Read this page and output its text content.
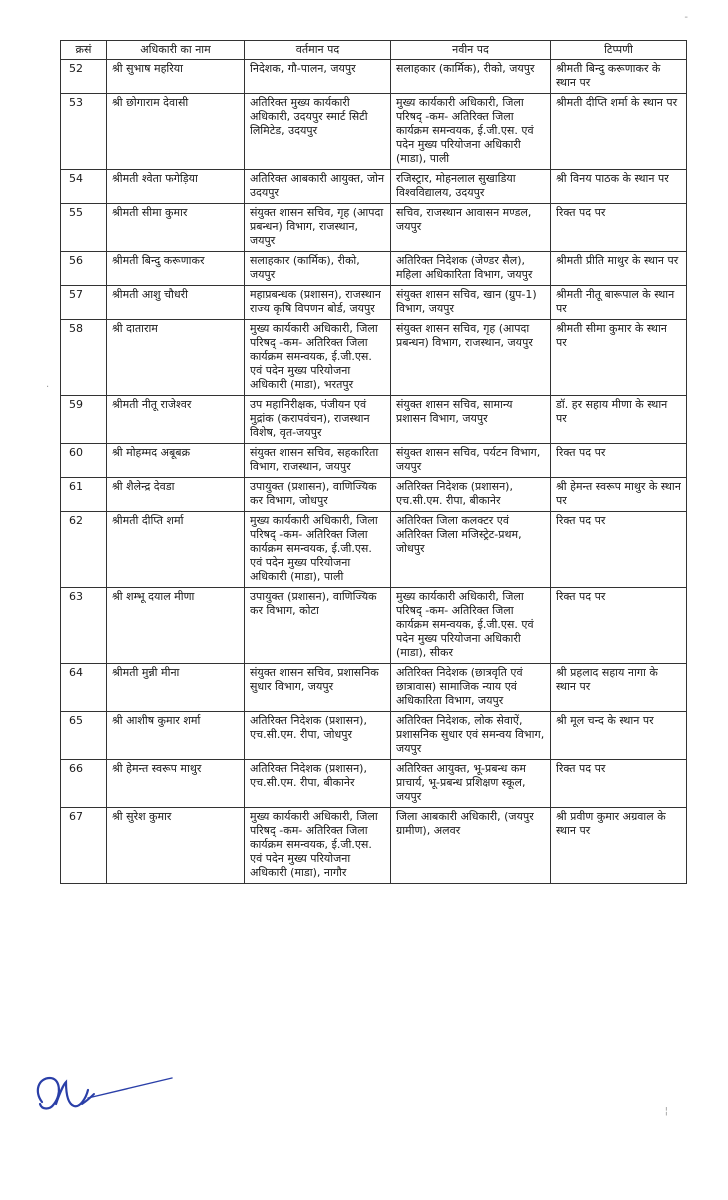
-
·
¦
क्रसं	अधिकारी का नाम	वर्तमान पद	नवीन पद	टिप्पणी
52	श्री सुभाष महरिया	निदेशक, गौ-पालन, जयपुर	सलाहकार (कार्मिक), रीको, जयपुर	श्रीमती बिन्दु करूणाकर के स्थान पर
53	श्री छोगाराम देवासी	अतिरिक्त मुख्य कार्यकारी अधिकारी, उदयपुर स्मार्ट सिटी लिमिटेड, उदयपुर	मुख्य कार्यकारी अधिकारी, जिला परिषद् -कम- अतिरिक्त जिला कार्यक्रम समन्वयक, ई.जी.एस. एवं पदेन मुख्य परियोजना अधिकारी (माडा), पाली	श्रीमती दीप्ति शर्मा के स्थान पर
54	श्रीमती श्वेता फगेड़िया	अतिरिक्त आबकारी आयुक्त, जोन उदयपुर	रजिस्ट्रार, मोहनलाल सुखाडिया विश्वविद्यालय, उदयपुर	श्री विनय पाठक के स्थान पर
55	श्रीमती सीमा कुमार	संयुक्त शासन सचिव, गृह (आपदा प्रबन्धन) विभाग, राजस्थान, जयपुर	सचिव, राजस्थान आवासन मण्डल, जयपुर	रिक्त पद पर
56	श्रीमती बिन्दु करूणाकर	सलाहकार (कार्मिक), रीको, जयपुर	अतिरिक्त निदेशक (जेण्डर सैल), महिला अधिकारिता विभाग, जयपुर	श्रीमती प्रीति माथुर के स्थान पर
57	श्रीमती आशु चौधरी	महाप्रबन्धक (प्रशासन), राजस्थान राज्य कृषि विपणन बोर्ड, जयपुर	संयुक्त शासन सचिव, खान (ग्रुप-1) विभाग, जयपुर	श्रीमती नीतू बारूपाल के स्थान पर
58	श्री दाताराम	मुख्य कार्यकारी अधिकारी, जिला परिषद् -कम- अतिरिक्त जिला कार्यक्रम समन्वयक, ई.जी.एस. एवं पदेन मुख्य परियोजना अधिकारी (माडा), भरतपुर	संयुक्त शासन सचिव, गृह (आपदा प्रबन्धन) विभाग, राजस्थान, जयपुर	श्रीमती सीमा कुमार के स्थान पर
59	श्रीमती नीतू राजेश्वर	उप महानिरीक्षक, पंजीयन एवं मुद्रांक (करापवंचन), राजस्थान विशेष, वृत-जयपुर	संयुक्त शासन सचिव, सामान्य प्रशासन विभाग, जयपुर	डॉ. हर सहाय मीणा के स्थान पर
60	श्री मोहम्मद अबूबक्र	संयुक्त शासन सचिव, सहकारिता विभाग, राजस्थान, जयपुर	संयुक्त शासन सचिव, पर्यटन विभाग, जयपुर	रिक्त पद पर
61	श्री शैलेन्द्र देवडा	उपायुक्त (प्रशासन), वाणिज्यिक कर विभाग, जोधपुर	अतिरिक्त निदेशक (प्रशासन), एच.सी.एम. रीपा, बीकानेर	श्री हेमन्त स्वरूप माथुर के स्थान पर
62	श्रीमती दीप्ति शर्मा	मुख्य कार्यकारी अधिकारी, जिला परिषद् -कम- अतिरिक्त जिला कार्यक्रम समन्वयक, ई.जी.एस. एवं पदेन मुख्य परियोजना अधिकारी (माडा), पाली	अतिरिक्त जिला कलक्टर एवं अतिरिक्त जिला मजिस्ट्रेट-प्रथम, जोधपुर	रिक्त पद पर
63	श्री शम्भू दयाल मीणा	उपायुक्त (प्रशासन), वाणिज्यिक कर विभाग, कोटा	मुख्य कार्यकारी अधिकारी, जिला परिषद् -कम- अतिरिक्त जिला कार्यक्रम समन्वयक, ई.जी.एस. एवं पदेन मुख्य परियोजना अधिकारी (माडा), सीकर	रिक्त पद पर
64	श्रीमती मुन्नी मीना	संयुक्त शासन सचिव, प्रशासनिक सुधार विभाग, जयपुर	अतिरिक्त निदेशक (छात्रवृति एवं छात्रावास) सामाजिक न्याय एवं अधिकारिता विभाग, जयपुर	श्री प्रहलाद सहाय नागा के स्थान पर
65	श्री आशीष कुमार शर्मा	अतिरिक्त निदेशक (प्रशासन), एच.सी.एम. रीपा, जोधपुर	अतिरिक्त निदेशक, लोक सेवाऐं, प्रशासनिक सुधार एवं समन्वय विभाग, जयपुर	श्री मूल चन्द के स्थान पर
66	श्री हेमन्त स्वरूप माथुर	अतिरिक्त निदेशक (प्रशासन), एच.सी.एम. रीपा, बीकानेर	अतिरिक्त आयुक्त, भू-प्रबन्ध कम प्राचार्य, भू-प्रबन्ध प्रशिक्षण स्कूल, जयपुर	रिक्त पद पर
67	श्री सुरेश कुमार	मुख्य कार्यकारी अधिकारी, जिला परिषद् -कम- अतिरिक्त जिला कार्यक्रम समन्वयक, ई.जी.एस. एवं पदेन मुख्य परियोजना अधिकारी (माडा), नागौर	जिला आबकारी अधिकारी, (जयपुर ग्रामीण), अलवर	श्री प्रवीण कुमार अग्रवाल के स्थान पर
